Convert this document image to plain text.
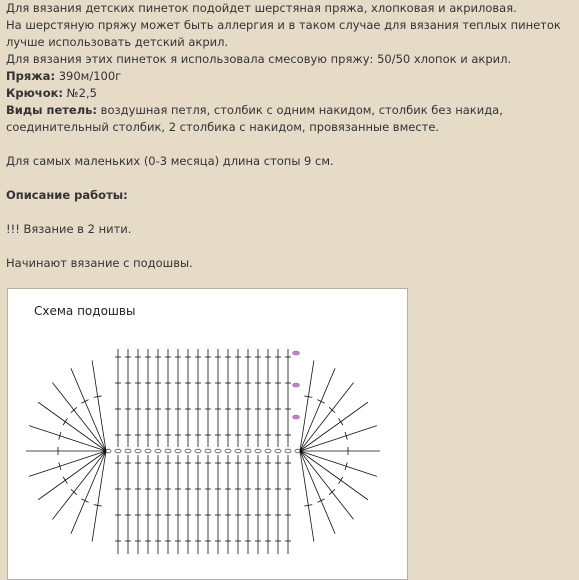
Для вязания детских пинеток подойдет шерстяная пряжа, хлопковая и акриловая.

На шерстяную пряжу может быть аллергия и в таком случае для вязания теплых пинеток лучше использовать детский акрил.

Для вязания этих пинеток я использовала смесовую пряжу: 50/50 хлопок и акрил.

Пряжа: 390м/100г

Крючок: №2,5

Виды петель: воздушная петля, столбик с одним накидом, столбик без накида, соединительный столбик, 2 столбика с накидом, провязанные вместе.

Для самых маленьких (0-3 месяца) длина стопы 9 см.

Описание работы:

!!! Вязание в 2 нити.

Начинают вязание с подошвы.

Схема подошвы
